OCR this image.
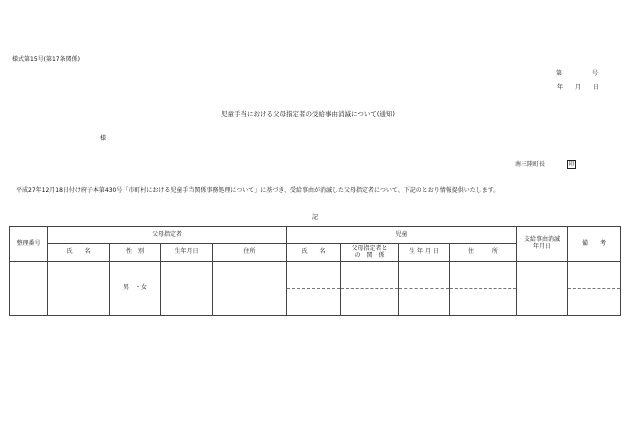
様式第15号(第17条関係)
第　　　　　号
年　　月　　日
児童手当における父母指定者の受給事由消滅について(通知)
様
南三陸町長	印
平成27年12月18日付け府子本第430号「市町村における児童手当関係事務処理について」に基づき、受給事由が消滅した父母指定者について、下記のとおり情報提供いたします。
記
整理番号	父母指定者				児童				支給事由消滅
年月日	備　　考
	氏　　名	性　別	生年月日	住所	氏　　名	父母指定者と
の　関　係	生 年 月 日	住　　　所		
		男　・女			
